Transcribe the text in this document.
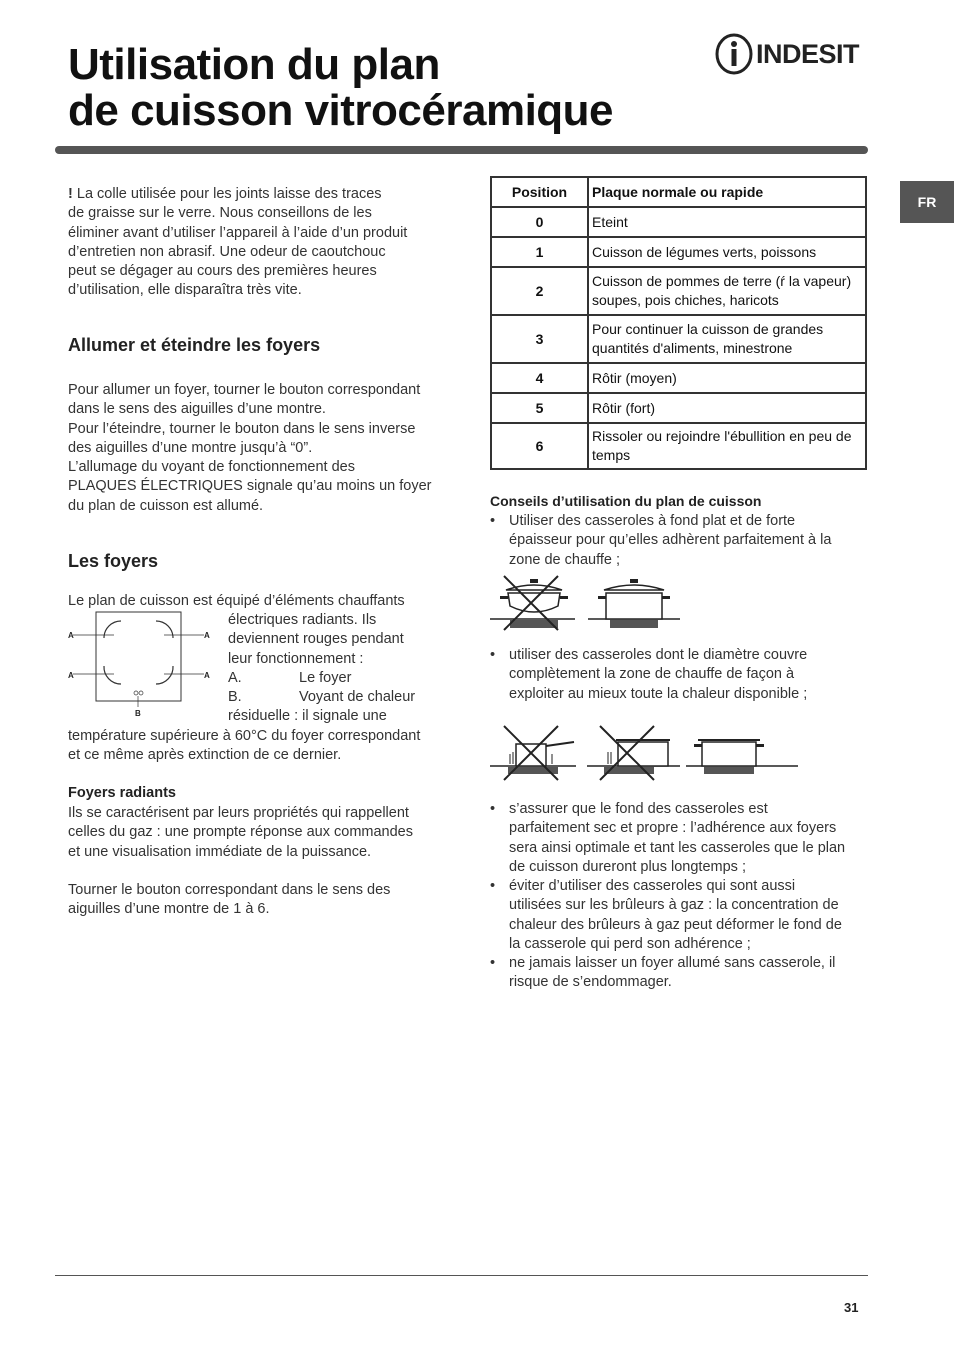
Utilisation du plan
de cuisson vitrocéramique
INDESIT
FR
! La colle utilisée pour les joints laisse des traces
de graisse sur le verre. Nous conseillons de les
éliminer avant d’utiliser l’appareil à l’aide d’un produit
d’entretien non abrasif. Une odeur de caoutchouc
peut se dégager au cours des premières heures
d’utilisation, elle disparaîtra très vite.
Allumer et éteindre les foyers
Pour allumer un foyer, tourner le bouton correspondant
dans le sens des aiguilles d’une montre.
Pour l’éteindre, tourner le bouton dans le sens inverse
des aiguilles d’une montre jusqu’à “0”.
L’allumage du voyant de fonctionnement des
PLAQUES ÉLECTRIQUES signale qu’au moins un foyer
du plan de cuisson est allumé.
Les foyers
Le plan de cuisson est équipé d’éléments chauffants
A	A
A	A
B
électriques radiants. Ils
deviennent rouges pendant
leur fonctionnement :
A.	Le foyer
B.	Voyant de chaleur
résiduelle : il signale une
température supérieure à 60°C du foyer correspondant
et ce même après extinction de ce dernier.
Foyers radiants
Ils se caractérisent par leurs propriétés qui rappellent
celles du gaz : une prompte réponse aux commandes
et une visualisation immédiate de la puissance.
Tourner le bouton correspondant dans le sens des
aiguilles d’une montre de 1 à 6.
Position	Plaque normale ou rapide
0	Eteint
1	Cuisson de légumes verts, poissons
2	Cuisson de pommes de terre (ŕ la vapeur) soupes, pois chiches, haricots
3	Pour continuer la cuisson de grandes quantités d'aliments, minestrone
4	Rôtir (moyen)
5	Rôtir (fort)
6	Rissoler ou rejoindre l'ébullition en peu de temps
Conseils d’utilisation du plan de cuisson
• Utiliser des casseroles à fond plat et de forte
épaisseur pour qu’elles adhèrent parfaitement à la
zone de chauffe ;
• utiliser des casseroles dont le diamètre couvre
complètement la zone de chauffe de façon à
exploiter au mieux toute la chaleur disponible ;
• s’assurer que le fond des casseroles est
parfaitement sec et propre : l’adhérence aux foyers
sera ainsi optimale et tant les casseroles que le plan
de cuisson dureront plus longtemps ;
• éviter d’utiliser des casseroles qui sont aussi
utilisées sur les brûleurs à gaz : la concentration de
chaleur des brûleurs à gaz peut déformer le fond de
la casserole qui perd son adhérence ;
• ne jamais laisser un foyer allumé sans casserole, il
risque de s’endommager.
31
